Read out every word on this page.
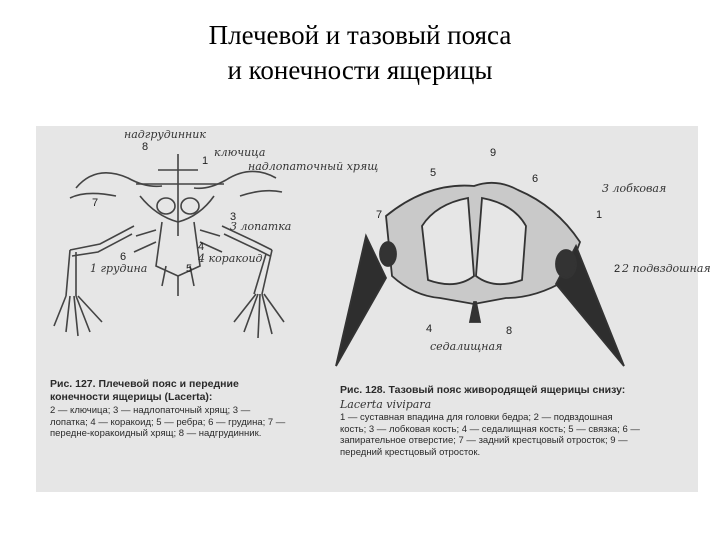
Плечевой и тазовый пояса
и конечности ящерицы
8
1
7
3
4
6
5
надгрудинник
ключица
надлопаточный хрящ
3 лопатка
4 коракоид
1 грудина
9
5	6
7	1
2
4	8
3 лобковая
2 подвздошная
седалищная
Рис. 127. Плечевой пояс и передние конечности ящерицы (Lacerta):
2 — ключица; 3 — надлопаточный хрящ; 3 — лопатка; 4 — коракоид; 5 — ребра; 6 — грудина; 7 — передне-коракоидный хрящ; 8 — надгрудинник.
Рис. 128. Тазовый пояс живородящей ящерицы снизу:
Lacerta vivipara
1 — суставная впадина для головки бедра; 2 — подвздошная кость; 3 — лобковая кость; 4 — седалищная кость; 5 — связка; 6 — запирательное отверстие; 7 — задний крестцовый отросток; 9 — передний крестцовый отросток.
